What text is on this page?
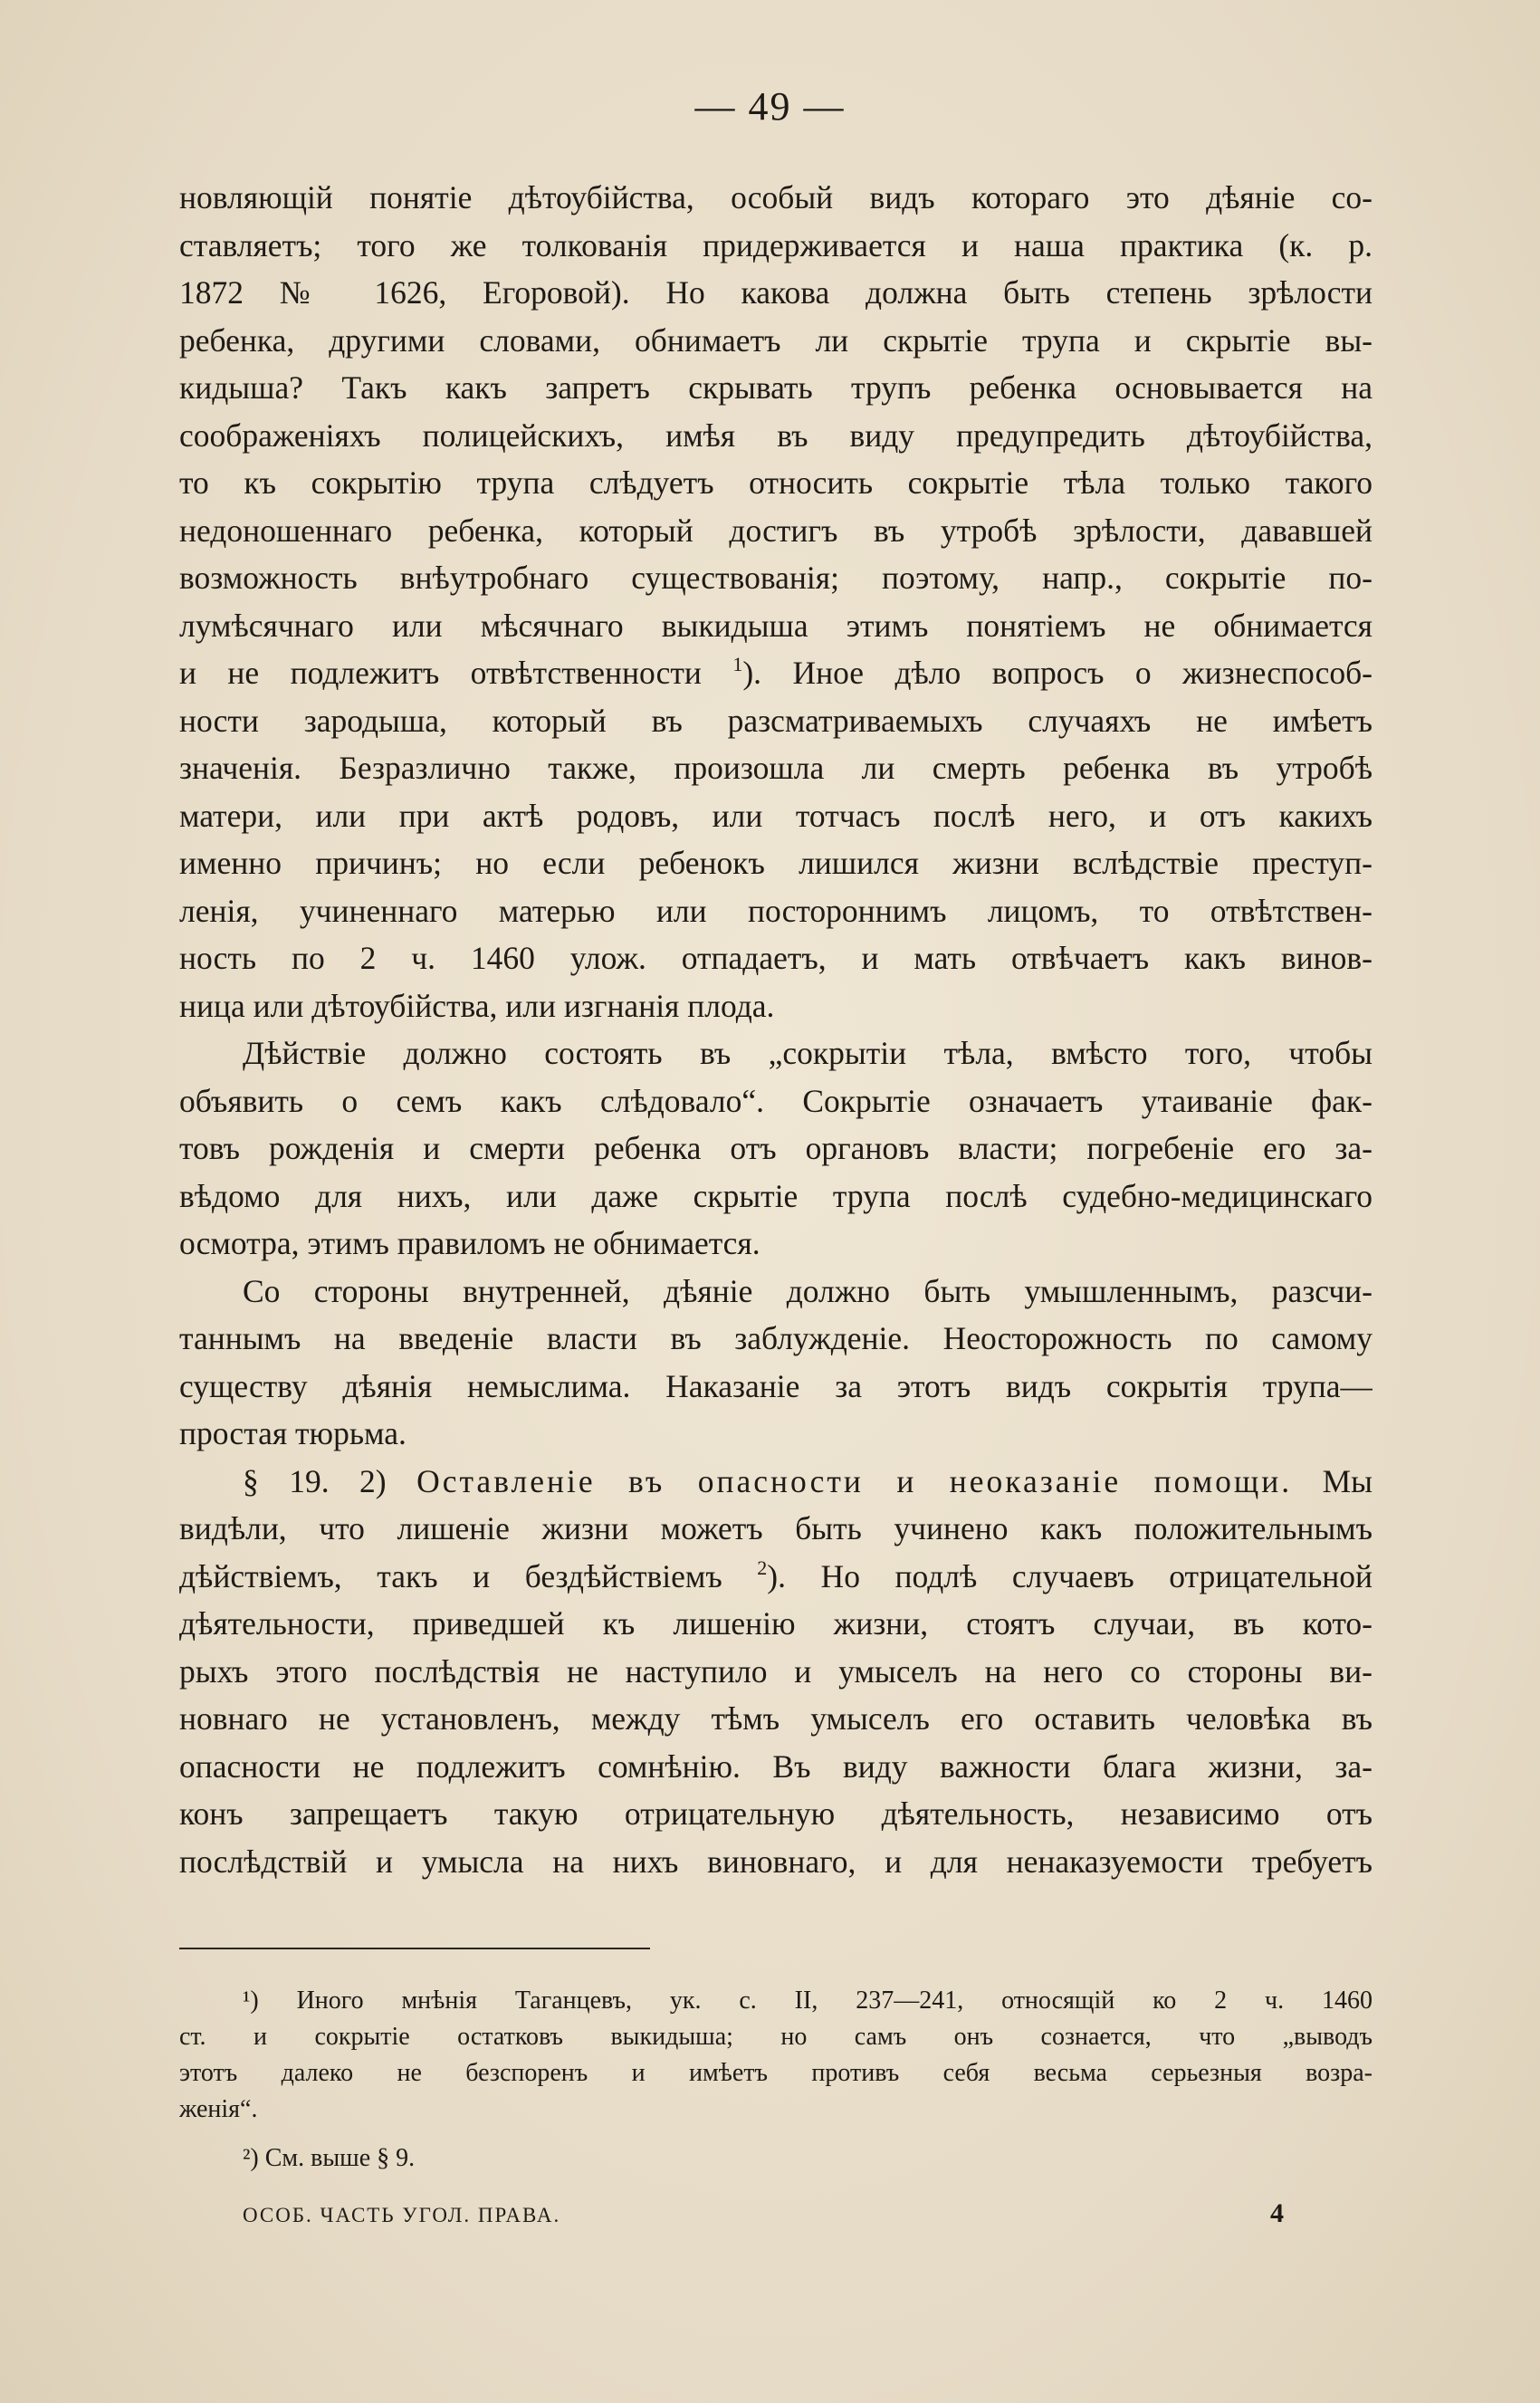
— 49 —
новляющій понятіе дѣтоубійства, особый видъ котораго это дѣяніе со-
ставляетъ; того же толкованія придерживается и наша практика (к. р.
1872 № 1626, Егоровой). Но какова должна быть степень зрѣлости
ребенка, другими словами, обнимаетъ ли скрытіе трупа и скрытіе вы-
кидыша? Такъ какъ запретъ скрывать трупъ ребенка основывается на
соображеніяхъ полицейскихъ, имѣя въ виду предупредить дѣтоубійства,
то къ сокрытію трупа слѣдуетъ относить сокрытіе тѣла только такого
недоношеннаго ребенка, который достигъ въ утробѣ зрѣлости, дававшей
возможность внѣутробнаго существованія; поэтому, напр., сокрытіе по-
лумѣсячнаго или мѣсячнаго выкидыша этимъ понятіемъ не обнимается
и не подлежитъ отвѣтственности $^1$). Иное дѣло вопросъ о жизнеспособ-
ности зародыша, который въ разсматриваемыхъ случаяхъ не имѣетъ
значенія. Безразлично также, произошла ли смерть ребенка въ утробѣ
матери, или при актѣ родовъ, или тотчасъ послѣ него, и отъ какихъ
именно причинъ; но если ребенокъ лишился жизни вслѣдствіе преступ-
ленія, учиненнаго матерью или постороннимъ лицомъ, то отвѣтствен-
ность по 2 ч. 1460 улож. отпадаетъ, и мать отвѣчаетъ какъ винов-
ница или дѣтоубійства, или изгнанія плода.
Дѣйствіе должно состоять въ „сокрытіи тѣла, вмѣсто того, чтобы
объявить о семъ какъ слѣдовало“. Сокрытіе означаетъ утаиваніе фак-
товъ рожденія и смерти ребенка отъ органовъ власти; погребеніе его за-
вѣдомо для нихъ, или даже скрытіе трупа послѣ судебно-медицинскаго
осмотра, этимъ правиломъ не обнимается.
Со стороны внутренней, дѣяніе должно быть умышленнымъ, разсчи-
таннымъ на введеніе власти въ заблужденіе. Неосторожность по самому
существу дѣянія немыслима. Наказаніе за этотъ видъ сокрытія трупа—
простая тюрьма.
§ 19. 2) Оставленіе въ опасности и неоказаніе помощи. Мы
видѣли, что лишеніе жизни можетъ быть учинено какъ положительнымъ
дѣйствіемъ, такъ и бездѣйствіемъ $^2$). Но подлѣ случаевъ отрицательной
дѣятельности, приведшей къ лишенію жизни, стоятъ случаи, въ кото-
рыхъ этого послѣдствія не наступило и умыселъ на него со стороны ви-
новнаго не установленъ, между тѣмъ умыселъ его оставить человѣка въ
опасности не подлежитъ сомнѣнію. Въ виду важности блага жизни, за-
конъ запрещаетъ такую отрицательную дѣятельность, независимо отъ
послѣдствій и умысла на нихъ виновнаго, и для ненаказуемости требуетъ
¹) Иного мнѣнія Таганцевъ, ук. с. II, 237—241, относящій ко 2 ч. 1460
ст. и сокрытіе остатковъ выкидыша; но самъ онъ сознается, что „выводъ
этотъ далеко не безспоренъ и имѣетъ противъ себя весьма серьезныя возра-
женія“.
²) См. выше § 9.
ОСОБ. ЧАСТЬ УГОЛ. ПРАВА.	4
